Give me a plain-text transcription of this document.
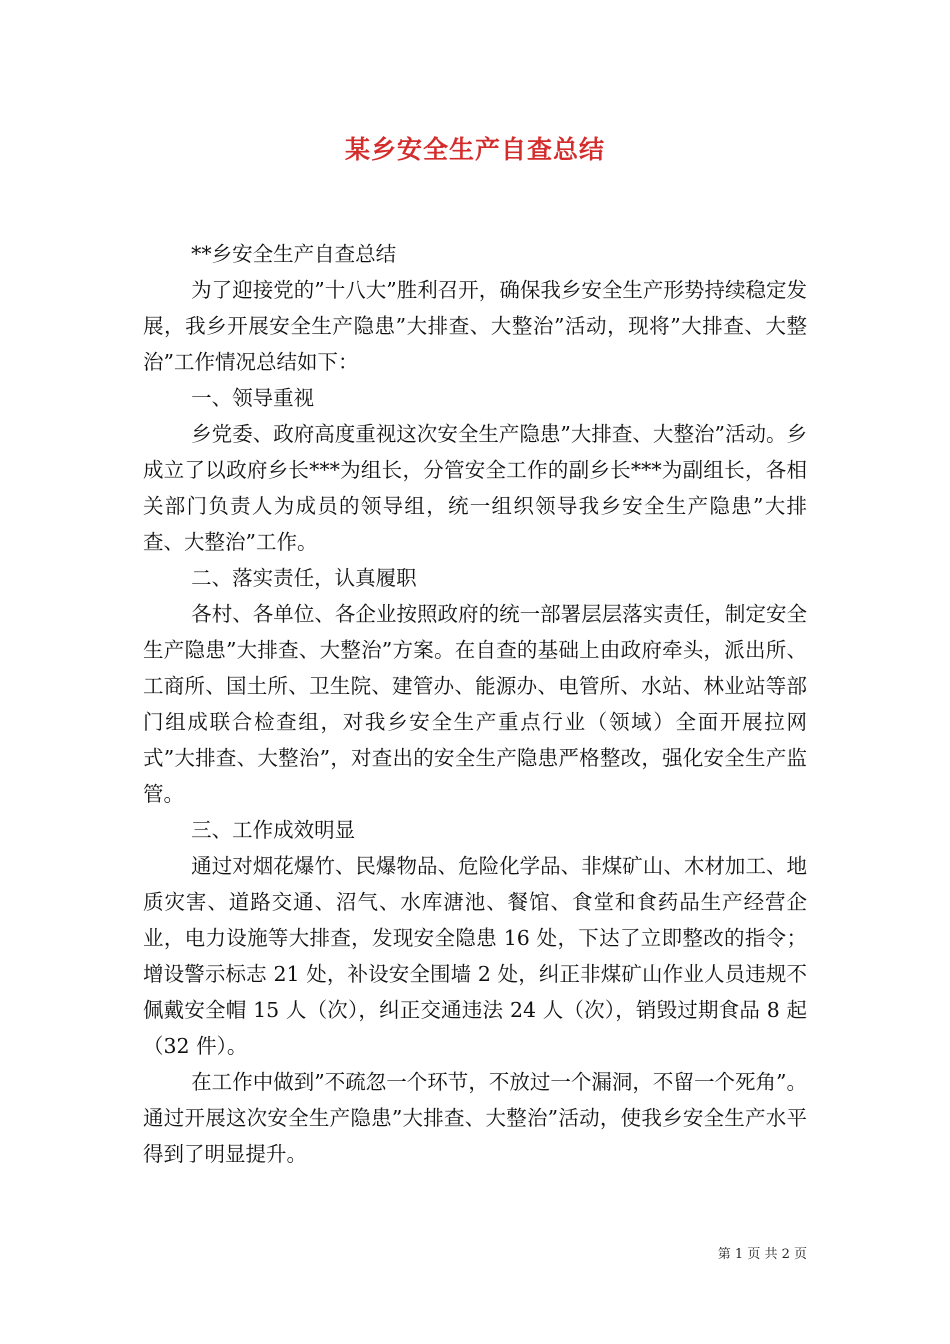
某乡安全生产自查总结

**乡安全生产自查总结

为了迎接党的”十八大”胜利召开，确保我乡安全生产形势持续稳定发展，我乡开展安全生产隐患”大排查、大整治”活动，现将”大排查、大整治”工作情况总结如下：

一、领导重视

乡党委、政府高度重视这次安全生产隐患”大排查、大整治”活动。乡成立了以政府乡长***为组长，分管安全工作的副乡长***为副组长，各相关部门负责人为成员的领导组，统一组织领导我乡安全生产隐患”大排查、大整治”工作。

二、落实责任，认真履职

各村、各单位、各企业按照政府的统一部署层层落实责任，制定安全生产隐患”大排查、大整治”方案。在自查的基础上由政府牵头，派出所、工商所、国土所、卫生院、建管办、能源办、电管所、水站、林业站等部门组成联合检查组，对我乡安全生产重点行业（领域）全面开展拉网式”大排查、大整治”，对查出的安全生产隐患严格整改，强化安全生产监管。

三、工作成效明显

通过对烟花爆竹、民爆物品、危险化学品、非煤矿山、木材加工、地质灾害、道路交通、沼气、水库溏池、餐馆、食堂和食药品生产经营企业，电力设施等大排查，发现安全隐患 16 处，下达了立即整改的指令；增设警示标志 21 处，补设安全围墙 2 处，纠正非煤矿山作业人员违规不佩戴安全帽 15 人（次），纠正交通违法 24 人（次），销毁过期食品 8 起（32 件）。

在工作中做到”不疏忽一个环节，不放过一个漏洞，不留一个死角”。通过开展这次安全生产隐患”大排查、大整治”活动，使我乡安全生产水平得到了明显提升。

第 1 页 共 2 页
